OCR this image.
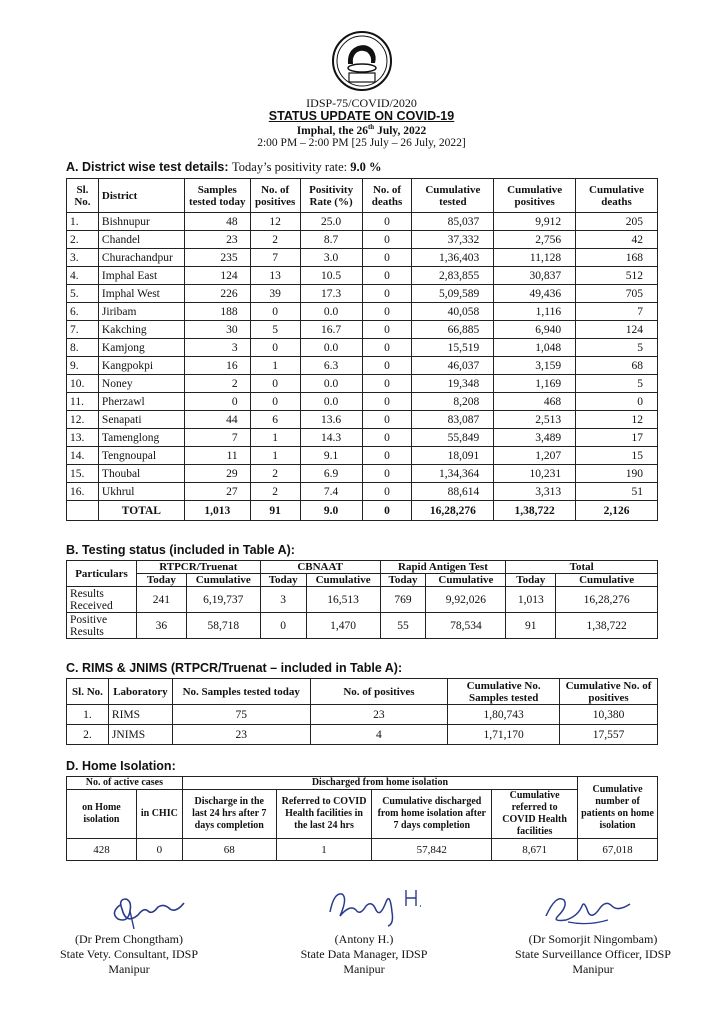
IDSP-75/COVID/2020
STATUS UPDATE ON COVID-19
Imphal, the 26th July, 2022
2:00 PM – 2:00 PM [25 July – 26 July, 2022]
A. District wise test details: Today’s positivity rate: 9.0 %
Sl. No.	District	Samples tested today	No. of positives	Positivity Rate (%)	No. of deaths	Cumulative tested	Cumulative positives	Cumulative deaths
1.	Bishnupur	48	12	25.0	0	85,037	9,912	205
2.	Chandel	23	2	8.7	0	37,332	2,756	42
3.	Churachandpur	235	7	3.0	0	1,36,403	11,128	168
4.	Imphal East	124	13	10.5	0	2,83,855	30,837	512
5.	Imphal West	226	39	17.3	0	5,09,589	49,436	705
6.	Jiribam	188	0	0.0	0	40,058	1,116	7
7.	Kakching	30	5	16.7	0	66,885	6,940	124
8.	Kamjong	3	0	0.0	0	15,519	1,048	5
9.	Kangpokpi	16	1	6.3	0	46,037	3,159	68
10.	Noney	2	0	0.0	0	19,348	1,169	5
11.	Pherzawl	0	0	0.0	0	8,208	468	0
12.	Senapati	44	6	13.6	0	83,087	2,513	12
13.	Tamenglong	7	1	14.3	0	55,849	3,489	17
14.	Tengnoupal	11	1	9.1	0	18,091	1,207	15
15.	Thoubal	29	2	6.9	0	1,34,364	10,231	190
16.	Ukhrul	27	2	7.4	0	88,614	3,313	51
	TOTAL	1,013	91	9.0	0	16,28,276	1,38,722	2,126
B. Testing status (included in Table A):
Particulars	RTPCR/Truenat		CBNAAT		Rapid Antigen Test		Total	
	Today	Cumulative	Today	Cumulative	Today	Cumulative	Today	Cumulative
Results Received	241	6,19,737	3	16,513	769	9,92,026	1,013	16,28,276
Positive Results	36	58,718	0	1,470	55	78,534	91	1,38,722
C. RIMS & JNIMS (RTPCR/Truenat – included in Table A):
Sl. No.	Laboratory	No. Samples tested today	No. of positives	Cumulative No. Samples tested	Cumulative No. of positives
1.	RIMS	75	23	1,80,743	10,380
2.	JNIMS	23	4	1,71,170	17,557
D. Home Isolation:
No. of active cases		Discharged from home isolation				Cumulative number of patients on home isolation
on Home isolation	in CHIC	Discharge in the last 24 hrs after 7 days completion	Referred to COVID Health facilities in the last 24 hrs	Cumulative discharged from home isolation after 7 days completion	Cumulative referred to COVID Health facilities	
428	0	68	1	57,842	8,671	67,018
(Dr Prem Chongtham)
State Vety. Consultant, IDSP
Manipur
(Antony H.)
State Data Manager, IDSP
Manipur
(Dr Somorjit Ningombam)
State Surveillance Officer, IDSP
Manipur
